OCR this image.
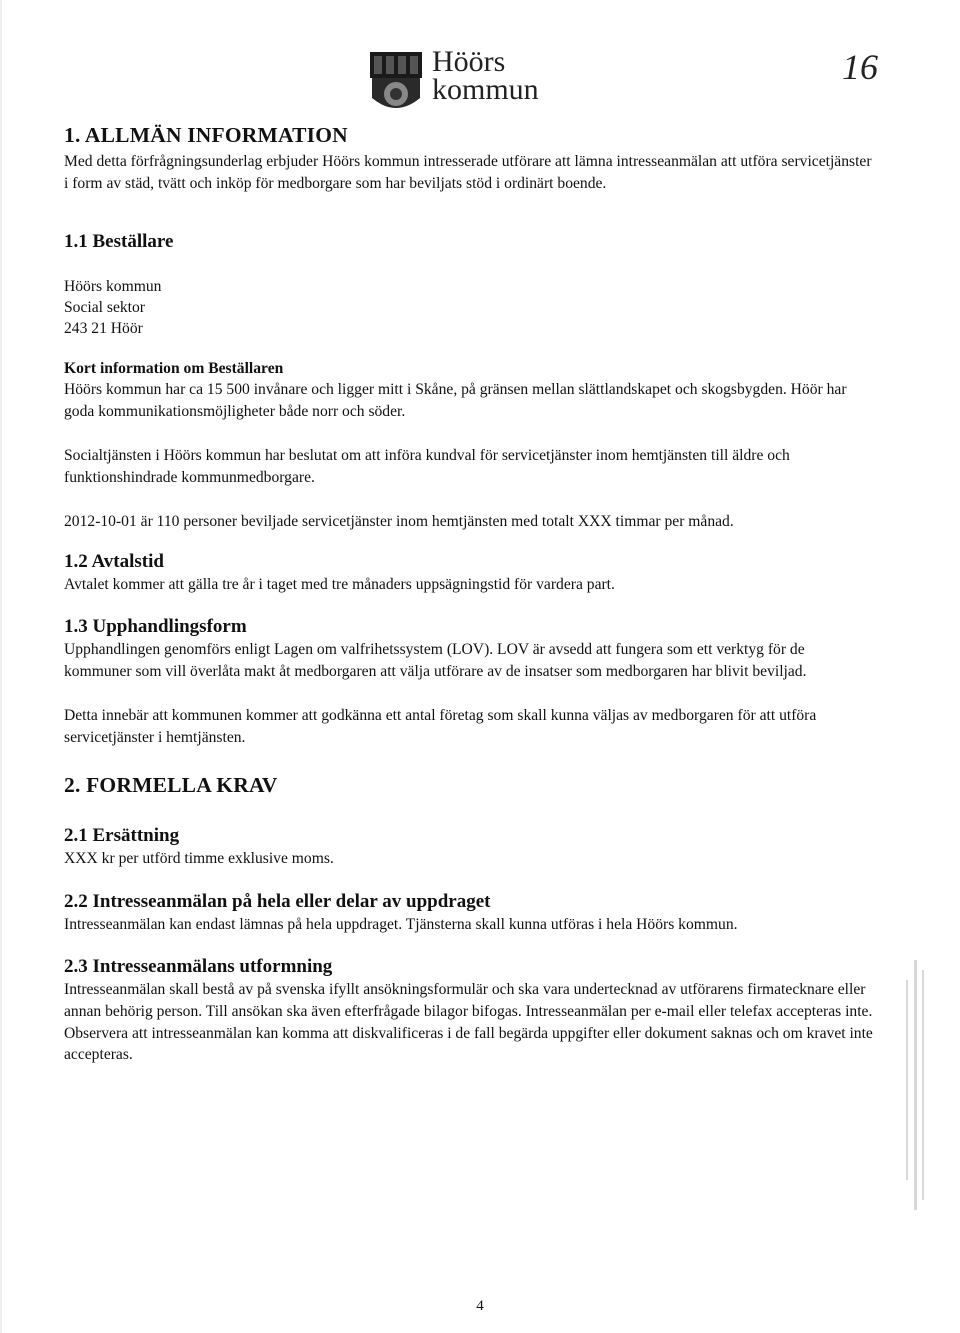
Höörs
kommun
16
1. ALLMÄN INFORMATION

Med detta förfrågningsunderlag erbjuder Höörs kommun intresserade utförare att lämna intresseanmälan att utföra servicetjänster i form av städ, tvätt och inköp för medborgare som har beviljats stöd i ordinärt boende.

1.1 Beställare

Höörs kommun

Social sektor

243 21 Höör

Kort information om Beställaren

Höörs kommun har ca 15 500 invånare och ligger mitt i Skåne, på gränsen mellan slättlandskapet och skogsbygden. Höör har goda kommunikationsmöjligheter både norr och söder.

Socialtjänsten i Höörs kommun har beslutat om att införa kundval för servicetjänster inom hemtjänsten till äldre och funktionshindrade kommunmedborgare.

2012-10-01 är 110 personer beviljade servicetjänster inom hemtjänsten med totalt XXX timmar per månad.

1.2 Avtalstid

Avtalet kommer att gälla tre år i taget med tre månaders uppsägningstid för vardera part.

1.3 Upphandlingsform

Upphandlingen genomförs enligt Lagen om valfrihetssystem (LOV). LOV är avsedd att fungera som ett verktyg för de kommuner som vill överlåta makt åt medborgaren att välja utförare av de insatser som medborgaren har blivit beviljad.

Detta innebär att kommunen kommer att godkänna ett antal företag som skall kunna väljas av medborgaren för att utföra servicetjänster i hemtjänsten.

2. FORMELLA KRAV
2.1 Ersättning

XXX kr per utförd timme exklusive moms.

2.2 Intresseanmälan på hela eller delar av uppdraget

Intresseanmälan kan endast lämnas på hela uppdraget. Tjänsterna skall kunna utföras i hela Höörs kommun.

2.3 Intresseanmälans utformning

Intresseanmälan skall bestå av på svenska ifyllt ansökningsformulär och ska vara undertecknad av utförarens firmatecknare eller annan behörig person. Till ansökan ska även efterfrågade bilagor bifogas. Intresseanmälan per e-mail eller telefax accepteras inte. Observera att intresseanmälan kan komma att diskvalificeras i de fall begärda uppgifter eller dokument saknas och om kravet inte accepteras.

4
